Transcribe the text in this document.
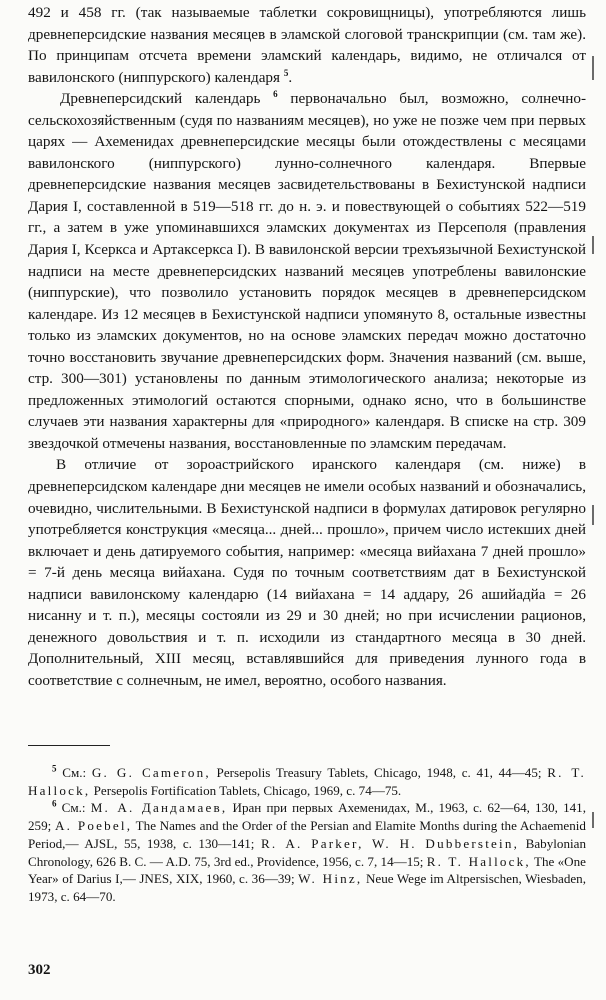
492 и 458 гг. (так называемые таблетки сокровищницы), употребляются лишь древнеперсидские названия месяцев в эламской слоговой транскрипции (см. там же). По принципам отсчета времени эламский календарь, видимо, не отличался от вавилонского (ниппурского) календаря $^5$.

Древнеперсидский календарь $^6$ первоначально был, возможно, солнечно-сельскохозяйственным (судя по названиям месяцев), но уже не позже чем при первых царях — Ахеменидах древнеперсидские месяцы были отождествлены с месяцами вавилонского (ниппурского) лунно-солнечного календаря. Впервые древнеперсидские названия месяцев засвидетельствованы в Бехистунской надписи Дария I, составленной в 519—518 гг. до н. э. и повествующей о событиях 522—519 гг., а затем в уже упоминавшихся эламских документах из Персеполя (правления Дария I, Ксеркса и Артаксеркса I). В вавилонской версии трехъязычной Бехистунской надписи на месте древнеперсидских названий месяцев употреблены вавилонские (ниппурские), что позволило установить порядок месяцев в древнеперсидском календаре. Из 12 месяцев в Бехистунской надписи упомянуто 8, остальные известны только из эламских документов, но на основе эламских передач можно достаточно точно восстановить звучание древнеперсидских форм. Значения названий (см. выше, стр. 300—301) установлены по данным этимологического анализа; некоторые из предложенных этимологий остаются спорными, однако ясно, что в большинстве случаев эти названия характерны для «природного» календаря. В списке на стр. 309 звездочкой отмечены названия, восстановленные по эламским передачам.

В отличие от зороастрийского иранского календаря (см. ниже) в древнеперсидском календаре дни месяцев не имели особых названий и обозначались, очевидно, числительными. В Бехистунской надписи в формулах датировок регулярно употребляется конструкция «месяца... дней... прошло», причем число истекших дней включает и день датируемого события, например: «месяца вийахана 7 дней прошло» = 7-й день месяца вийахана. Судя по точным соответствиям дат в Бехистунской надписи вавилонскому календарю (14 вийахана = 14 аддару, 26 ашийадйа = 26 нисанну и т. п.), месяцы состояли из 29 и 30 дней; но при исчислении рационов, денежного довольствия и т. п. исходили из стандартного месяца в 30 дней. Дополнительный, XIII месяц, вставлявшийся для приведения лунного года в соответствие с солнечным, не имел, вероятно, особого названия.

$^5$ См.: G. G. Cameron, Persepolis Treasury Tablets, Chicago, 1948, с. 41, 44—45; R. T. Hallock, Persepolis Fortification Tablets, Chicago, 1969, с. 74—75.

$^6$ См.: М. А. Дандамаев, Иран при первых Ахеменидах, М., 1963, с. 62—64, 130, 141, 259; A. Poebel, The Names and the Order of the Persian and Elamite Months during the Achaemenid Period,— AJSL, 55, 1938, с. 130—141; R. A. Parker, W. H. Dubberstein, Babylonian Chronology, 626 B. C. — A.D. 75, 3rd ed., Providence, 1956, с. 7, 14—15; R. T. Hallock, The «One Year» of Darius I,— JNES, XIX, 1960, с. 36—39; W. Hinz, Neue Wege im Altpersischen, Wiesbaden, 1973, с. 64—70.

302
